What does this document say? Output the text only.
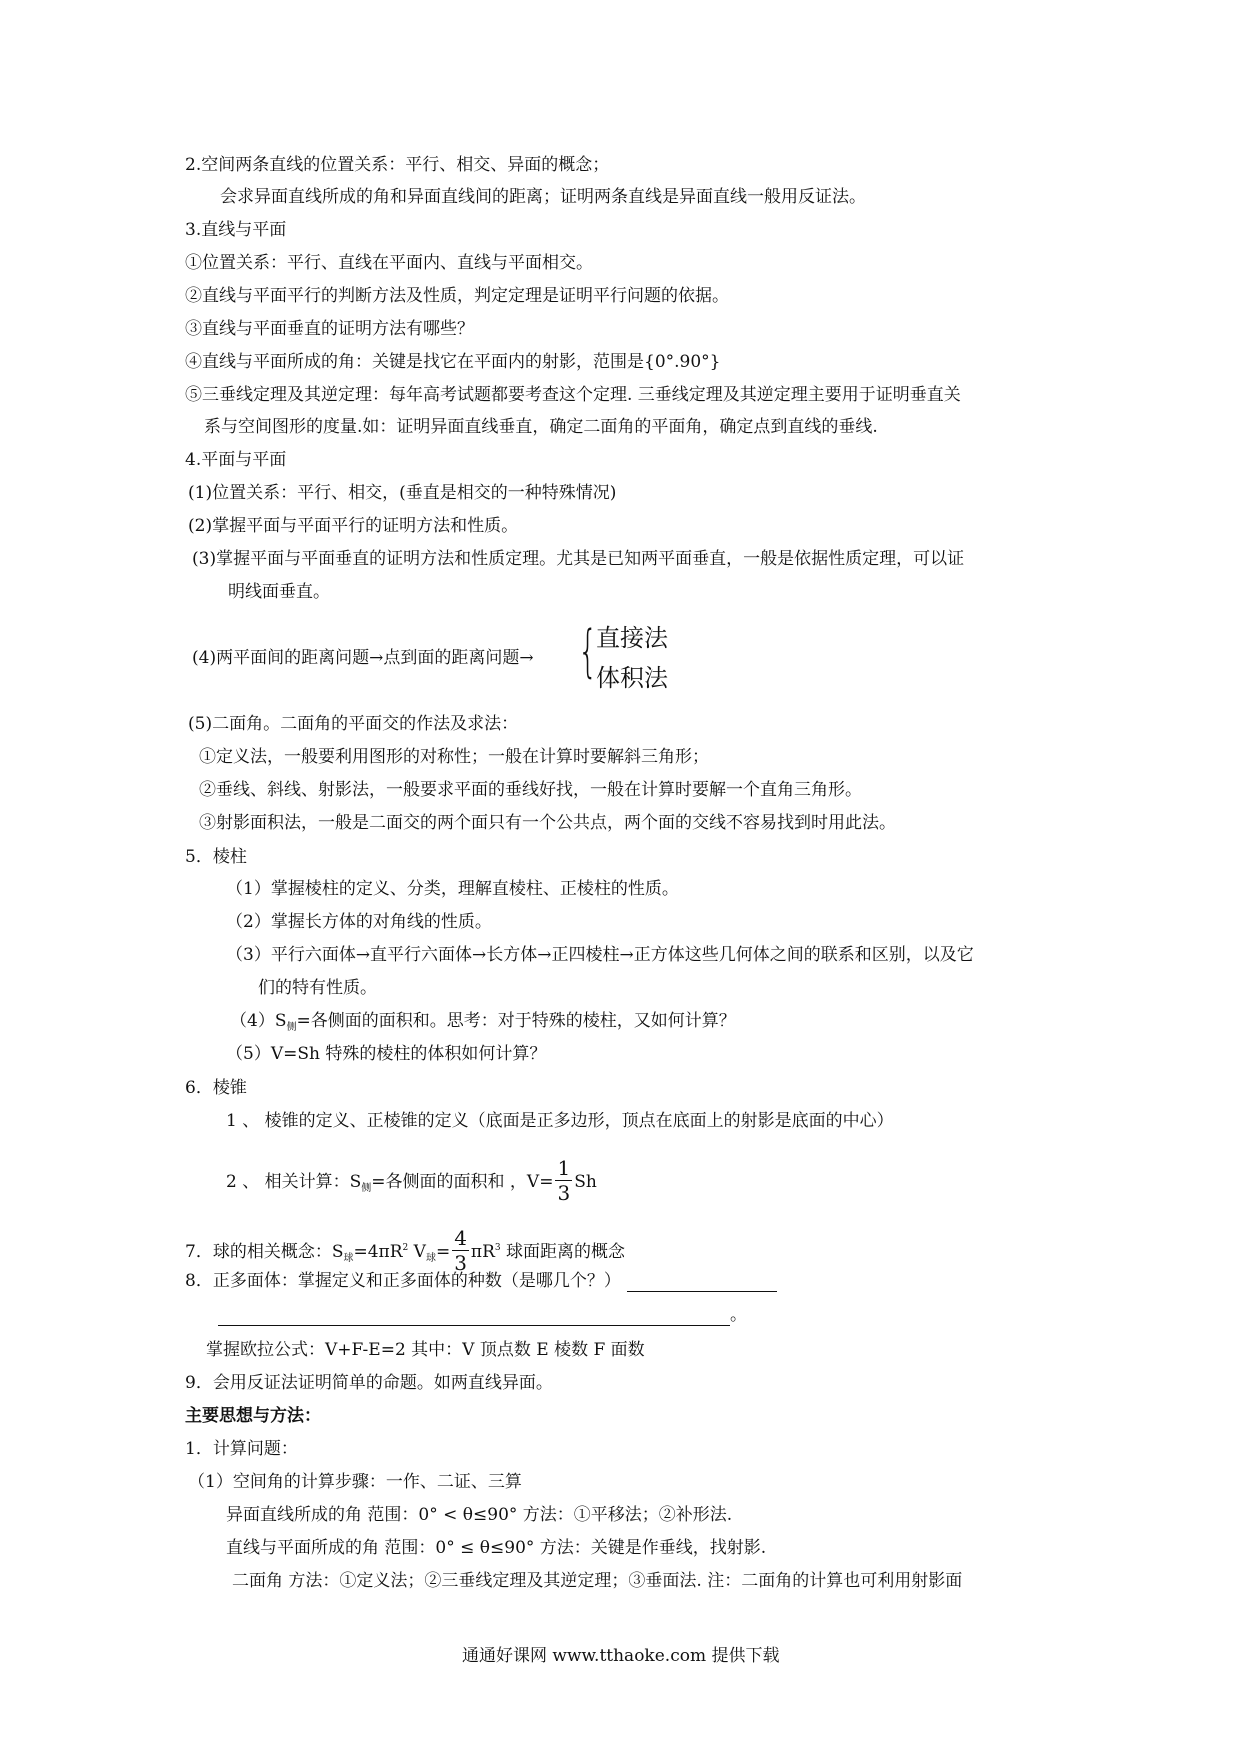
2.空间两条直线的位置关系：平行、相交、异面的概念；
会求异面直线所成的角和异面直线间的距离；证明两条直线是异面直线一般用反证法。
3.直线与平面
①位置关系：平行、直线在平面内、直线与平面相交。
②直线与平面平行的判断方法及性质，判定定理是证明平行问题的依据。
③直线与平面垂直的证明方法有哪些？
④直线与平面所成的角：关键是找它在平面内的射影，范围是{0°.90°}
⑤三垂线定理及其逆定理：每年高考试题都要考查这个定理. 三垂线定理及其逆定理主要用于证明垂直关
系与空间图形的度量.如：证明异面直线垂直，确定二面角的平面角，确定点到直线的垂线.
4.平面与平面
(1)位置关系：平行、相交，(垂直是相交的一种特殊情况)
(2)掌握平面与平面平行的证明方法和性质。
(3)掌握平面与平面垂直的证明方法和性质定理。尤其是已知两平面垂直，一般是依据性质定理，可以证
明线面垂直。
(4)两平面间的距离问题→点到面的距离问题→ {
直接法
体积法
(5)二面角。二面角的平面交的作法及求法：
①定义法，一般要利用图形的对称性；一般在计算时要解斜三角形；
②垂线、斜线、射影法，一般要求平面的垂线好找，一般在计算时要解一个直角三角形。
③射影面积法，一般是二面交的两个面只有一个公共点，两个面的交线不容易找到时用此法。
5．棱柱
（1）掌握棱柱的定义、分类，理解直棱柱、正棱柱的性质。
（2）掌握长方体的对角线的性质。
（3）平行六面体→直平行六面体→长方体→正四棱柱→正方体这些几何体之间的联系和区别，以及它
们的特有性质。
$(4)S_侧=$各侧面的面积和。思考：对于特殊的棱柱，又如何计算？
（5）V=Sh 特殊的棱柱的体积如何计算？
6．棱锥
1 、 棱锥的定义、正棱锥的定义（底面是正多边形，顶点在底面上的射影是底面的中心）
2 、 相关计算：$S_侧=$各侧面的面积和 ，$V= \frac{1}{3}$ Sh
7．球的相关概念：$S_球=4\pi R^2$ $V_球= \frac{4}{3} \pi R^3$ 球面距离的概念
8．正多面体：掌握定义和正多面体的种数（是哪几个？）
。
掌握欧拉公式：V+F-E=2 其中：V 顶点数 E 棱数 F 面数
9．会用反证法证明简单的命题。如两直线异面。
主要思想与方法：
1．计算问题：
（1）空间角的计算步骤：一作、二证、三算
异面直线所成的角 范围：0° < θ≤90° 方法：①平移法；②补形法.
直线与平面所成的角 范围：0° ≤ θ≤90° 方法：关键是作垂线，找射影.
二面角 方法：①定义法；②三垂线定理及其逆定理；③垂面法. 注：二面角的计算也可利用射影面
通通好课网 www.tthaoke.com 提供下载
